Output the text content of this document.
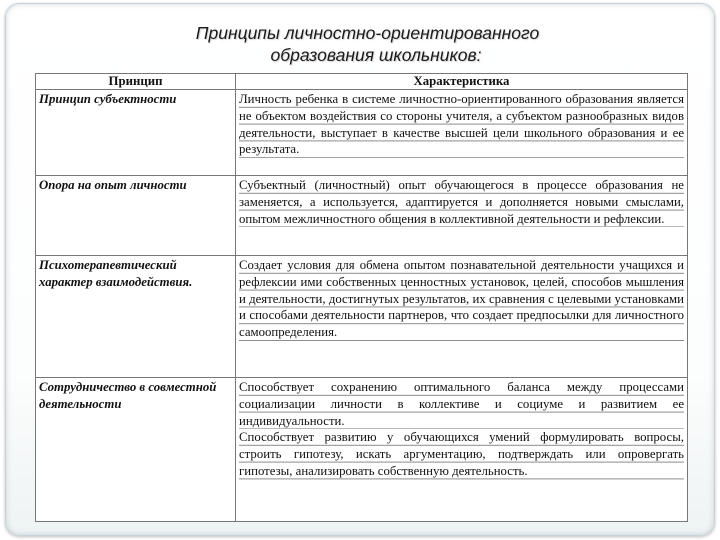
Принципы личностно-ориентированного
образования школьников:
Принцип	Характеристика
Принцип субъектности	Личность ребенка в системе личностно-ориентированного образования является не объектом воздействия со стороны учителя, а субъектом разнообразных видов деятельности, выступает в качестве высшей цели школьного образования и ее результата.

Опора на опыт личности	Субъектный (личностный) опыт обучающегося в процессе образования не заменяется, а используется, адаптируется и дополняется новыми смыслами, опытом межличностного общения в коллективной деятельности и рефлексии.

Психотерапевтический характер взаимодействия.	Создает условия для обмена опытом познавательной деятельности учащихся и рефлексии ими собственных ценностных установок, целей, способов мышления и деятельности, достигнутых результатов, их сравнения с целевыми установками и способами деятельности партнеров, что создает предпосылки для личностного самоопределения.

Сотрудничество в совместной деятельности	Способствует сохранению оптимального баланса между процессами социализации личности в коллективе и социуме и развитием ее индивидуальности.

Способствует развитию у обучающихся умений формулировать вопросы, строить гипотезу, искать аргументацию, подтверждать или опровергать гипотезы, анализировать собственную деятельность.
